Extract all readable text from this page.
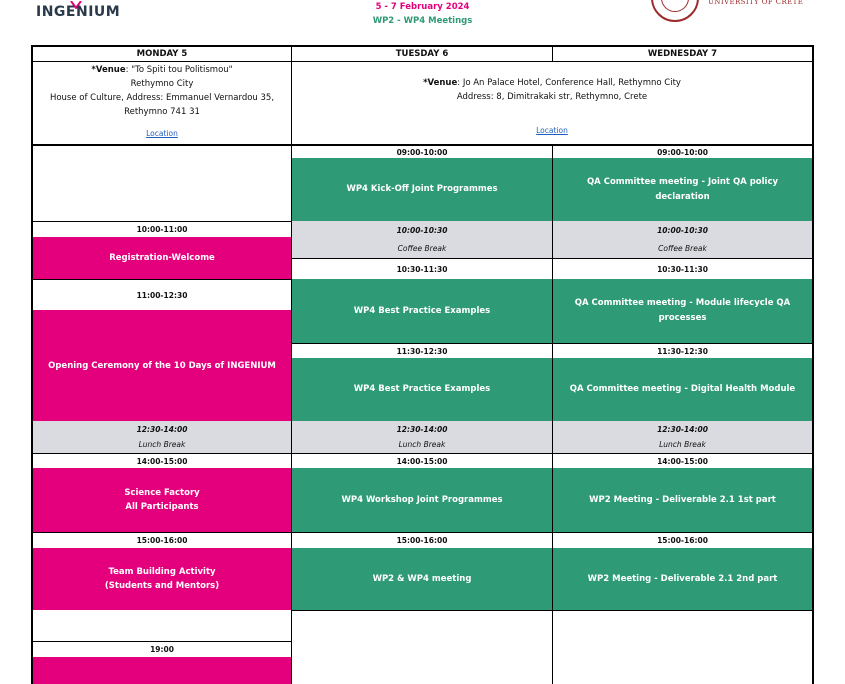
INGENIUM	5 - 7 February 2024
WP2 - WP4 Meetings
UNIVERSITY OF CRETE
MONDAY 5
*Venue: "To Spiti tou Politismou"
Rethymno City
House of Culture, Address: Emmanuel Vernardou 35,
Rethymno 741 31
Location
10:00-11:00
Registration-Welcome
11:00-12:30
Opening Ceremony of the 10 Days of INGENIUM
12:30-14:00
Lunch Break
14:00-15:00
Science Factory
All Participants
15:00-16:00
Team Building Activity
(Students and Mentors)
19:00
TUESDAY 6
09:00-10:00
WP4 Kick-Off Joint Programmes
10:00-10:30
Coffee Break
10:30-11:30
WP4 Best Practice Examples
11:30-12:30
WP4 Best Practice Examples
12:30-14:00
Lunch Break
14:00-15:00
WP4 Workshop Joint Programmes
15:00-16:00
WP2 & WP4 meeting
WEDNESDAY 7
09:00-10:00
QA Committee meeting - Joint QA policy declaration
10:00-10:30
Coffee Break
10:30-11:30
QA Committee meeting - Module lifecycle QA processes
11:30-12:30
QA Committee meeting - Digital Health Module
12:30-14:00
Lunch Break
14:00-15:00
WP2 Meeting - Deliverable 2.1 1st part
15:00-16:00
WP2 Meeting - Deliverable 2.1 2nd part
*Venue: Jo An Palace Hotel, Conference Hall, Rethymno City
Address: 8, Dimitrakaki str, Rethymno, Crete
Location
